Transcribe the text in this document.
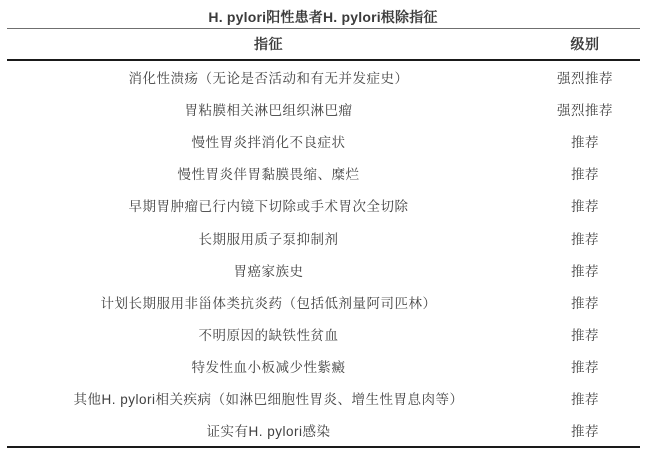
H. pylori阳性患者H. pylori根除指征
指征	级别
消化性溃疡（无论是否活动和有无并发症史）	强烈推荐
胃粘膜相关淋巴组织淋巴瘤	强烈推荐
慢性胃炎拌消化不良症状	推荐
慢性胃炎伴胃黏膜畏缩、糜烂	推荐
早期胃肿瘤已行内镜下切除或手术胃次全切除	推荐
长期服用质子泵抑制剂	推荐
胃癌家族史	推荐
计划长期服用非甾体类抗炎药（包括低剂量阿司匹林）	推荐
不明原因的缺铁性贫血	推荐
特发性血小板减少性紫癜	推荐
其他H. pylori相关疾病（如淋巴细胞性胃炎、增生性胃息肉等）	推荐
证实有H. pylori感染	推荐
